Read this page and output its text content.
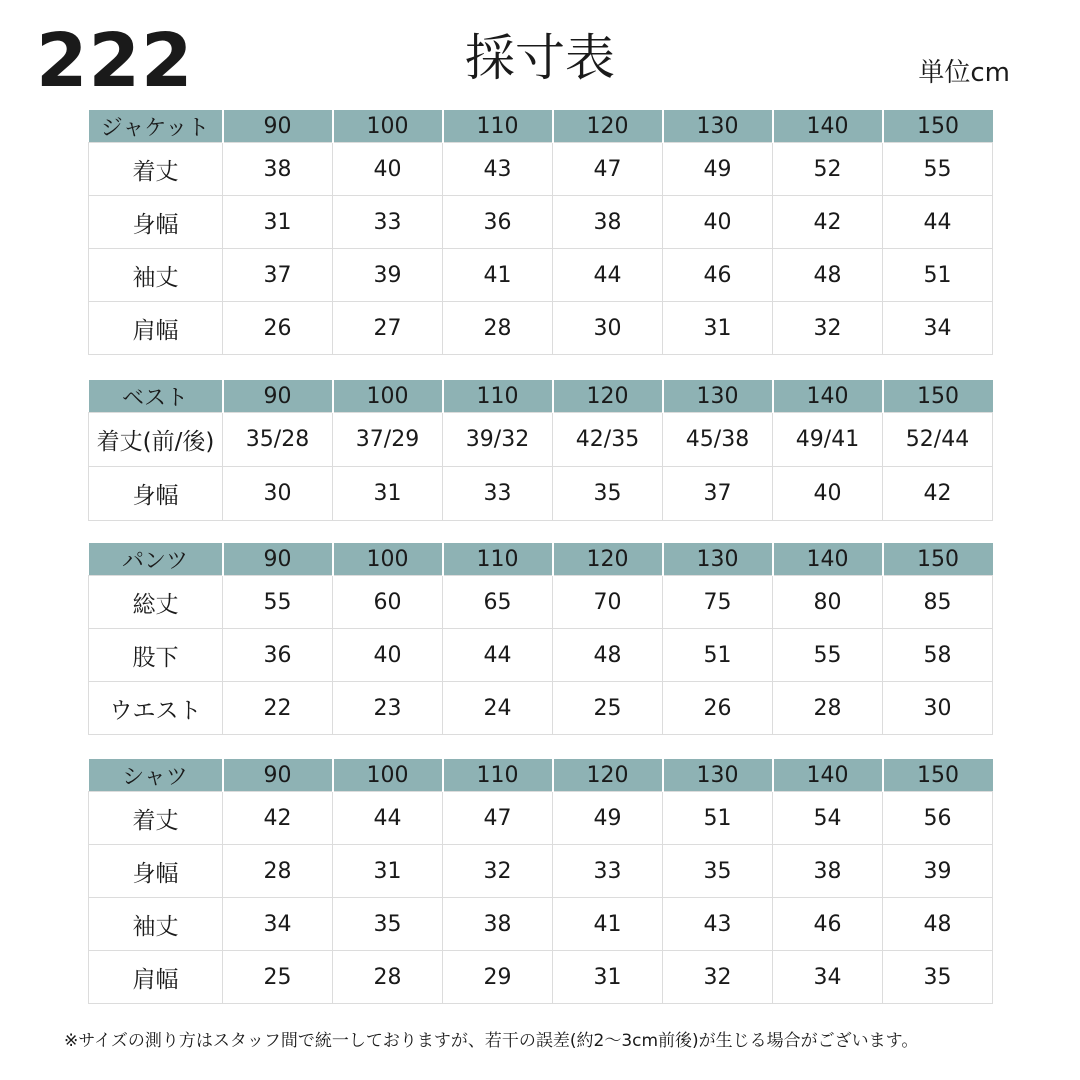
222	採寸表	単位cm
ジャケット	90	100	110	120	130	140	150
着丈	38	40	43	47	49	52	55
身幅	31	33	36	38	40	42	44
袖丈	37	39	41	44	46	48	51
肩幅	26	27	28	30	31	32	34
ベスト	90	100	110	120	130	140	150
着丈(前/後)	35/28	37/29	39/32	42/35	45/38	49/41	52/44
身幅	30	31	33	35	37	40	42
パンツ	90	100	110	120	130	140	150
総丈	55	60	65	70	75	80	85
股下	36	40	44	48	51	55	58
ウエスト	22	23	24	25	26	28	30
シャツ	90	100	110	120	130	140	150
着丈	42	44	47	49	51	54	56
身幅	28	31	32	33	35	38	39
袖丈	34	35	38	41	43	46	48
肩幅	25	28	29	31	32	34	35
※サイズの測り方はスタッフ間で統一しておりますが、若干の誤差(約2〜3cm前後)が生じる場合がございます。
